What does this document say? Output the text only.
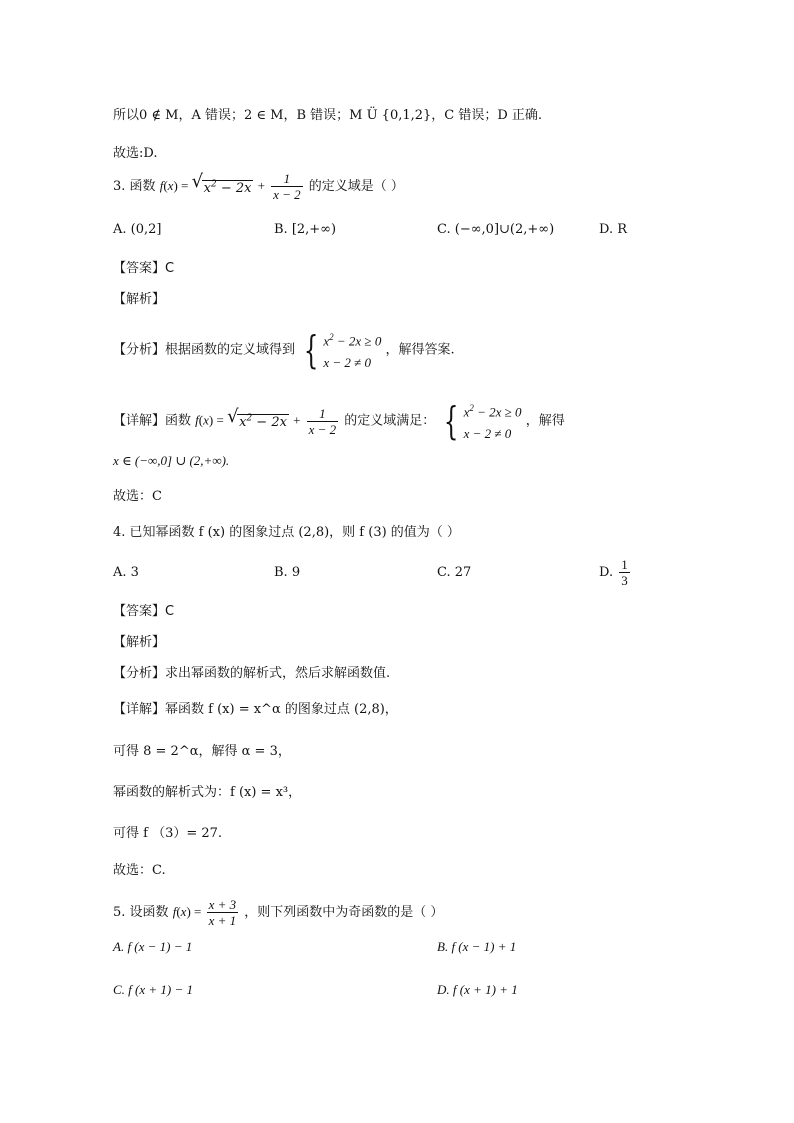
所以0 ∉ M，A 错误；2 ∈ M，B 错误；M Ü {0,1,2}，C 错误；D 正确.
故选:D.
3. 函数 f(x) = √ $x^2 - 2x + \frac{1}{x - 2}$ 的定义域是（ ）
A. (0,2]	B. [2,+∞)	C. (−∞,0]∪(2,+∞)	D. R
【答案】C
【解析】
【分析】根据函数的定义域得到 { $x^2 - 2x \ge 0$
x − 2 ≠ 0 ，解得答案.
【详解】函数 f(x) = √ $x^2 - 2x + \frac{1}{x - 2}$ 的定义域满足： { $x^2 - 2x \ge 0$
x − 2 ≠ 0 ，解得
x ∈ (−∞,0] ∪ (2,+∞).
故选：C
4. 已知幂函数 f (x) 的图象过点 (2,8)，则 f (3) 的值为（ ）
A. 3	B. 9	C. 27	D. $\frac{1}{3}$
【答案】C
【解析】
【分析】求出幂函数的解析式，然后求解函数值.
【详解】幂函数 f (x) = x^α 的图象过点 (2,8)，
可得 8 = 2^α，解得 α = 3，
幂函数的解析式为：f (x) = x³，
可得 f （3）= 27.
故选：C.
5. 设函数 $f(x) = \frac{x + 3}{x + 1}$ ，则下列函数中为奇函数的是（ ）
A. f (x − 1) − 1	B. f (x − 1) + 1
C. f (x + 1) − 1	D. f (x + 1) + 1
